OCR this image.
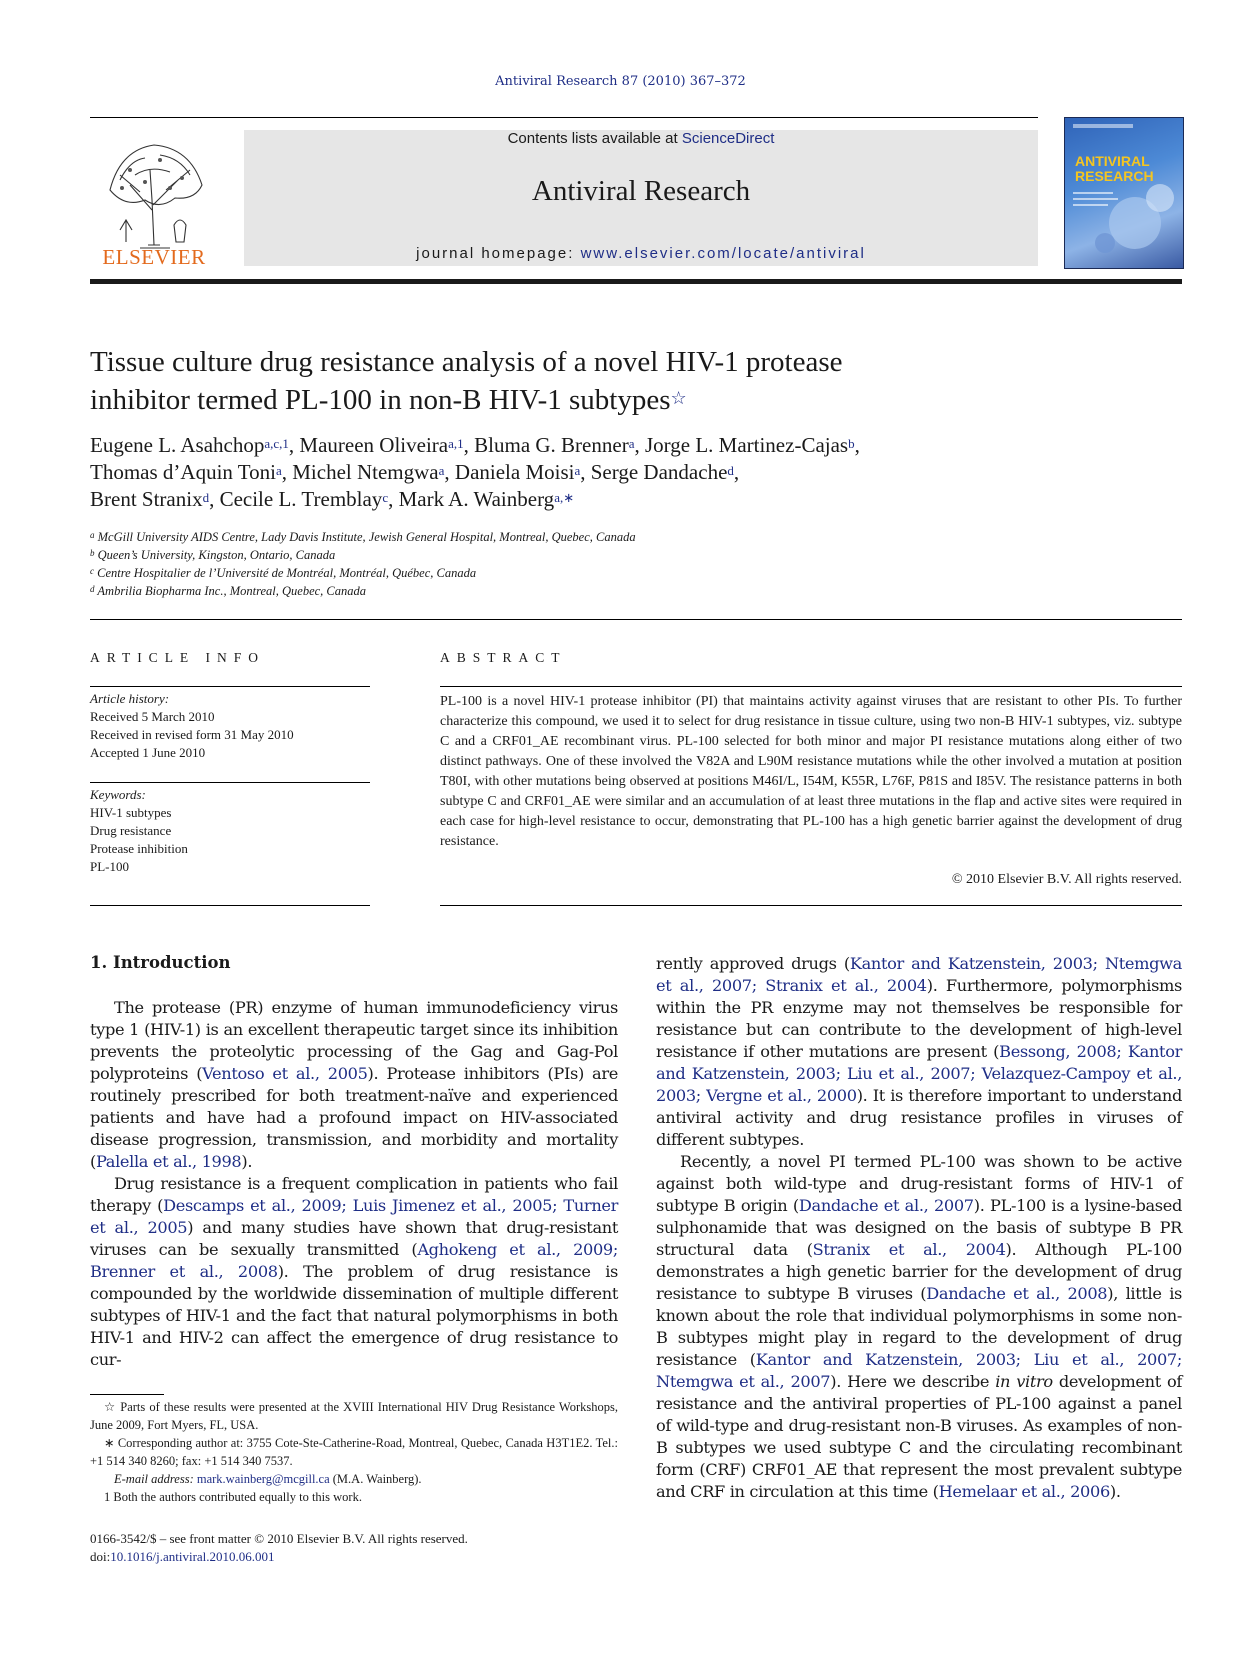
Antiviral Research 87 (2010) 367–372
ELSEVIER
Contents lists available at ScienceDirect
Antiviral Research
journal homepage: www.elsevier.com/locate/antiviral
ANTIVIRAL RESEARCH
Tissue culture drug resistance analysis of a novel HIV-1 protease
inhibitor termed PL-100 in non-B HIV-1 subtypes☆
Eugene L. Asahchop$^{a,c,1}$, Maureen Oliveira$^{a,1}$, Bluma G. Brenner$^a$, Jorge L. Martinez-Cajas$^b$,
Thomas d’Aquin Toni$^a$, Michel Ntemgwa$^a$, Daniela Moisi$^a$, Serge Dandache$^d$,
Brent Stranix$^d$, Cecile L. Tremblay$^c$, Mark A. Wainberg$^{a,∗}$
$^a$ McGill University AIDS Centre, Lady Davis Institute, Jewish General Hospital, Montreal, Quebec, Canada
$^b$ Queen’s University, Kingston, Ontario, Canada
$^c$ Centre Hospitalier de l’Université de Montréal, Montréal, Québec, Canada
$^d$ Ambrilia Biopharma Inc., Montreal, Quebec, Canada
ARTICLE INFO	ABSTRACT
Article history:
Received 5 March 2010
Received in revised form 31 May 2010
Accepted 1 June 2010
Keywords:
HIV-1 subtypes
Drug resistance
Protease inhibition
PL-100
PL-100 is a novel HIV-1 protease inhibitor (PI) that maintains activity against viruses that are resistant to other PIs. To further characterize this compound, we used it to select for drug resistance in tissue culture, using two non-B HIV-1 subtypes, viz. subtype C and a CRF01_AE recombinant virus. PL-100 selected for both minor and major PI resistance mutations along either of two distinct pathways. One of these involved the V82A and L90M resistance mutations while the other involved a mutation at position T80I, with other mutations being observed at positions M46I/L, I54M, K55R, L76F, P81S and I85V. The resistance patterns in both subtype C and CRF01_AE were similar and an accumulation of at least three mutations in the flap and active sites were required in each case for high-level resistance to occur, demonstrating that PL-100 has a high genetic barrier against the development of drug resistance.
© 2010 Elsevier B.V. All rights reserved.
1. Introduction

The protease (PR) enzyme of human immunodeficiency virus type 1 (HIV-1) is an excellent therapeutic target since its inhibition prevents the proteolytic processing of the Gag and Gag-Pol polyproteins (Ventoso et al., 2005). Protease inhibitors (PIs) are routinely prescribed for both treatment-naïve and experienced patients and have had a profound impact on HIV-associated disease progression, transmission, and morbidity and mortality (Palella et al., 1998).

Drug resistance is a frequent complication in patients who fail therapy (Descamps et al., 2009; Luis Jimenez et al., 2005; Turner et al., 2005) and many studies have shown that drug-resistant viruses can be sexually transmitted (Aghokeng et al., 2009; Brenner et al., 2008). The problem of drug resistance is compounded by the worldwide dissemination of multiple different subtypes of HIV-1 and the fact that natural polymorphisms in both HIV-1 and HIV-2 can affect the emergence of drug resistance to cur-

rently approved drugs (Kantor and Katzenstein, 2003; Ntemgwa et al., 2007; Stranix et al., 2004). Furthermore, polymorphisms within the PR enzyme may not themselves be responsible for resistance but can contribute to the development of high-level resistance if other mutations are present (Bessong, 2008; Kantor and Katzenstein, 2003; Liu et al., 2007; Velazquez-Campoy et al., 2003; Vergne et al., 2000). It is therefore important to understand antiviral activity and drug resistance profiles in viruses of different subtypes.

Recently, a novel PI termed PL-100 was shown to be active against both wild-type and drug-resistant forms of HIV-1 of subtype B origin (Dandache et al., 2007). PL-100 is a lysine-based sulphonamide that was designed on the basis of subtype B PR structural data (Stranix et al., 2004). Although PL-100 demonstrates a high genetic barrier for the development of drug resistance to subtype B viruses (Dandache et al., 2008), little is known about the role that individual polymorphisms in some non-B subtypes might play in regard to the development of drug resistance (Kantor and Katzenstein, 2003; Liu et al., 2007; Ntemgwa et al., 2007). Here we describe in vitro development of resistance and the antiviral properties of PL-100 against a panel of wild-type and drug-resistant non-B viruses. As examples of non-B subtypes we used subtype C and the circulating recombinant form (CRF) CRF01_AE that represent the most prevalent subtype and CRF in circulation at this time (Hemelaar et al., 2006).

☆ Parts of these results were presented at the XVIII International HIV Drug Resistance Workshops, June 2009, Fort Myers, FL, USA.
∗ Corresponding author at: 3755 Cote-Ste-Catherine-Road, Montreal, Quebec, Canada H3T1E2. Tel.: +1 514 340 8260; fax: +1 514 340 7537.
E-mail address: mark.wainberg@mcgill.ca (M.A. Wainberg).
1 Both the authors contributed equally to this work.
0166-3542/$ – see front matter © 2010 Elsevier B.V. All rights reserved.
doi:10.1016/j.antiviral.2010.06.001
